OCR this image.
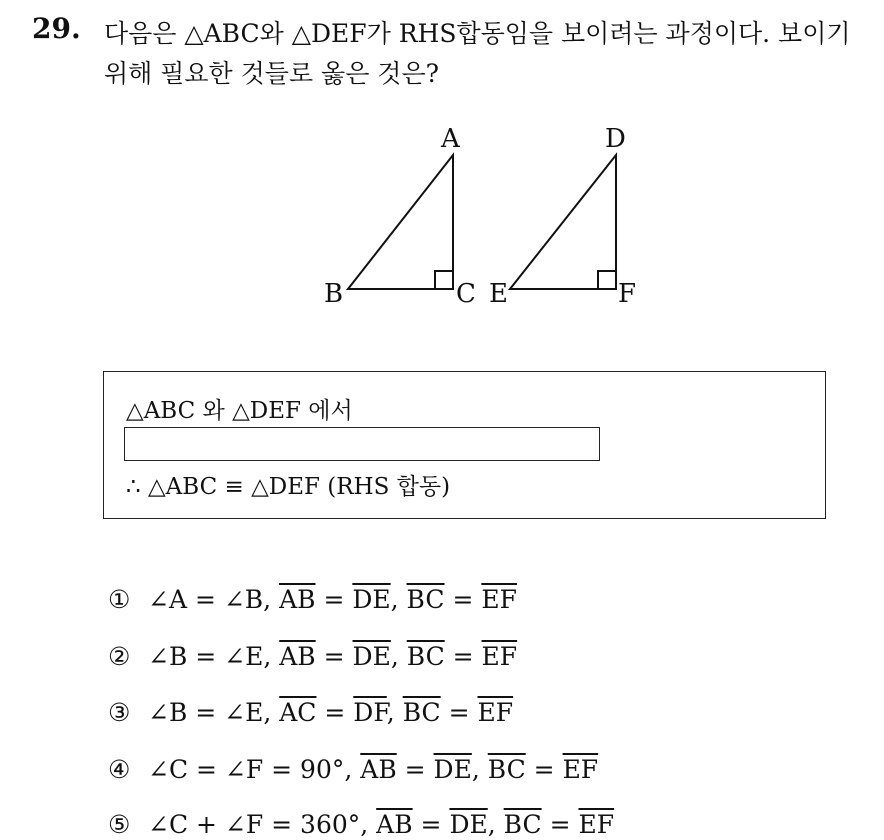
29. 다음은 △ABC와 △DEF가 RHS합동임을 보이려는 과정이다. 보이기
위해 필요한 것들로 옳은 것은?
A
B	C
D
E	F
△ABC 와 △DEF 에서
∴ △ABC ≡ △DEF (RHS 합동)
① ∠A = ∠B, $\overline{AB} = \overline{DE}$, $\overline{BC} = \overline{EF}$
② ∠B = ∠E, $\overline{AB} = \overline{DE}$, $\overline{BC} = \overline{EF}$
③ ∠B = ∠E, $\overline{AC} = \overline{DF}$, $\overline{BC} = \overline{EF}$
④ ∠C = ∠F = 90°, $\overline{AB} = \overline{DE}$, $\overline{BC} = \overline{EF}$
⑤ ∠C + ∠F = 360°, $\overline{AB} = \overline{DE}$, $\overline{BC} = \overline{EF}$
